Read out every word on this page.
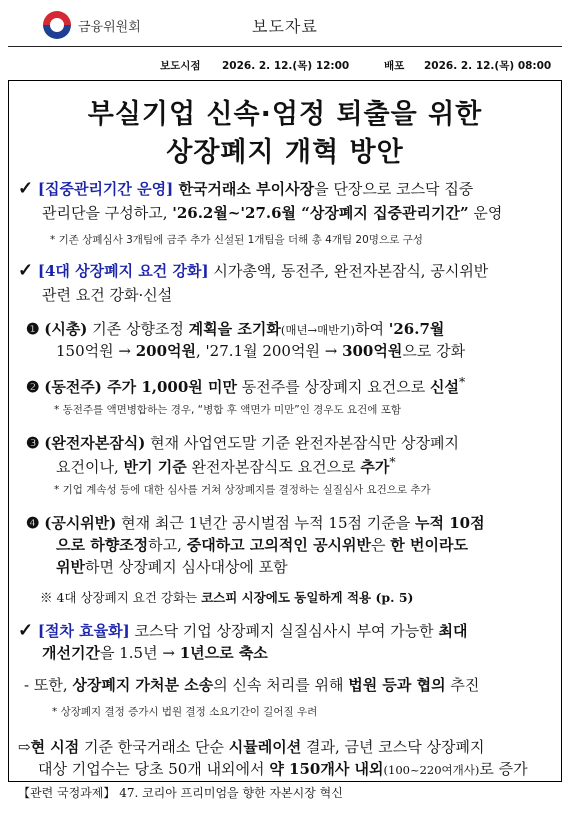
금융위원회	보도자료
보도시점 2026. 2. 12.(목) 12:00	배포 2026. 2. 12.(목) 08:00
부실기업 신속·엄정 퇴출을 위한
상장폐지 개혁 방안
✓ [집중관리기간 운영] 한국거래소 부이사장을 단장으로 코스닥 집중
관리단을 구성하고, '26.2월~'27.6월 “상장폐지 집중관리기간” 운영
* 기존 상폐심사 3개팀에 금주 추가 신설된 1개팀을 더해 총 4개팀 20명으로 구성
✓ [4대 상장폐지 요건 강화] 시가총액, 동전주, 완전자본잠식, 공시위반
관련 요건 강화·신설
❶ (시총) 기존 상향조정 계획을 조기화(매년→매반기)하여 '26.7월
150억원 → 200억원, '27.1월 200억원 → 300억원으로 강화
❷ (동전주) 주가 1,000원 미만 동전주를 상장폐지 요건으로 신설*
* 동전주를 액면병합하는 경우, “병합 후 액면가 미만”인 경우도 요건에 포함
❸ (완전자본잠식) 현재 사업연도말 기준 완전자본잠식만 상장폐지
요건이나, 반기 기준 완전자본잠식도 요건으로 추가*
* 기업 계속성 등에 대한 심사를 거쳐 상장폐지를 결정하는 실질심사 요건으로 추가
❹ (공시위반) 현재 최근 1년간 공시벌점 누적 15점 기준을 누적 10점
으로 하향조정하고, 중대하고 고의적인 공시위반은 한 번이라도
위반하면 상장폐지 심사대상에 포함
※ 4대 상장폐지 요건 강화는 코스피 시장에도 동일하게 적용 (p. 5)
✓ [절차 효율화] 코스닥 기업 상장폐지 실질심사시 부여 가능한 최대
개선기간을 1.5년 → 1년으로 축소
- 또한, 상장폐지 가처분 소송의 신속 처리를 위해 법원 등과 협의 추진
* 상장폐지 결정 증가시 법원 결정 소요기간이 길어질 우려
⇨현 시점 기준 한국거래소 단순 시뮬레이션 결과, 금년 코스닥 상장폐지
대상 기업수는 당초 50개 내외에서 약 150개사 내외(100~220여개사)로 증가
【관련 국정과제】 47. 코리아 프리미엄을 향한 자본시장 혁신
